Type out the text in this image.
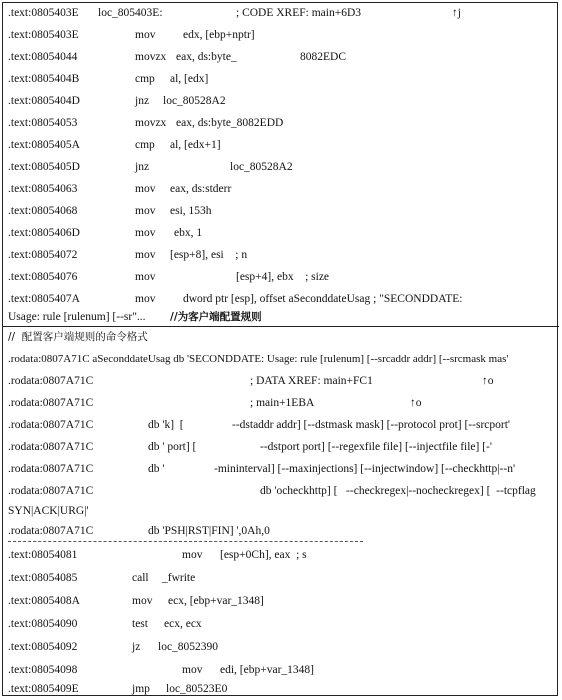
.text:0805403E loc_805403E:	; CODE XREF: main+6D3	↑j
.text:0805403E	mov edx, [ebp+nptr]
.text:08054044	movzx eax, ds:byte_	8082EDC
.text:0805404B	cmp al, [edx]
.text:0805404D	jnz loc_80528A2
.text:08054053	movzx eax, ds:byte_8082EDD
.text:0805405A	cmp al, [edx+1]
.text:0805405D	jnz	loc_80528A2
.text:08054063	mov eax, ds:stderr
.text:08054068	mov esi, 153h
.text:0805406D	mov ebx, 1
.text:08054072	mov [esp+8], esi    ; n
.text:08054076	mov	[esp+4], ebx    ; size
.text:0805407A	mov dword ptr [esp], offset aSeconddateUsag ; "SECONDDATE:
Usage: rule [rulenum] [--sr"... //为客户端配置规则
//  配置客户端规则的命令格式
.rodata:0807A71C aSeconddateUsag db 'SECONDDATE: Usage: rule [rulenum] [--srcaddr addr] [--srcmask mas'
.rodata:0807A71C	; DATA XREF: main+FC1	↑o
.rodata:0807A71C	; main+1EBA	↑o
.rodata:0807A71C	db 'k]  [	--dstaddr addr] [--dstmask mask] [--protocol prot] [--srcport'
.rodata:0807A71C	db ' port] [	--dstport port] [--regexfile file] [--injectfile file] [-'
.rodata:0807A71C	db '	-mininterval] [--maxinjections] [--injectwindow] [--checkhttp|--n'
.rodata:0807A71C	db 'ocheckhttp] [   --checkregex|--nocheckregex] [  --tcpflag
SYN|ACK|URG|'
.rodata:0807A71C	db 'PSH|RST|FIN] ',0Ah,0
.text:08054081	mov [esp+0Ch], eax  ; s
.text:08054085	call _fwrite
.text:0805408A	mov ecx, [ebp+var_1348]
.text:08054090	test ecx, ecx
.text:08054092	jz loc_8052390
.text:08054098	mov edi, [ebp+var_1348]
.text:0805409E	jmp loc_80523E0
